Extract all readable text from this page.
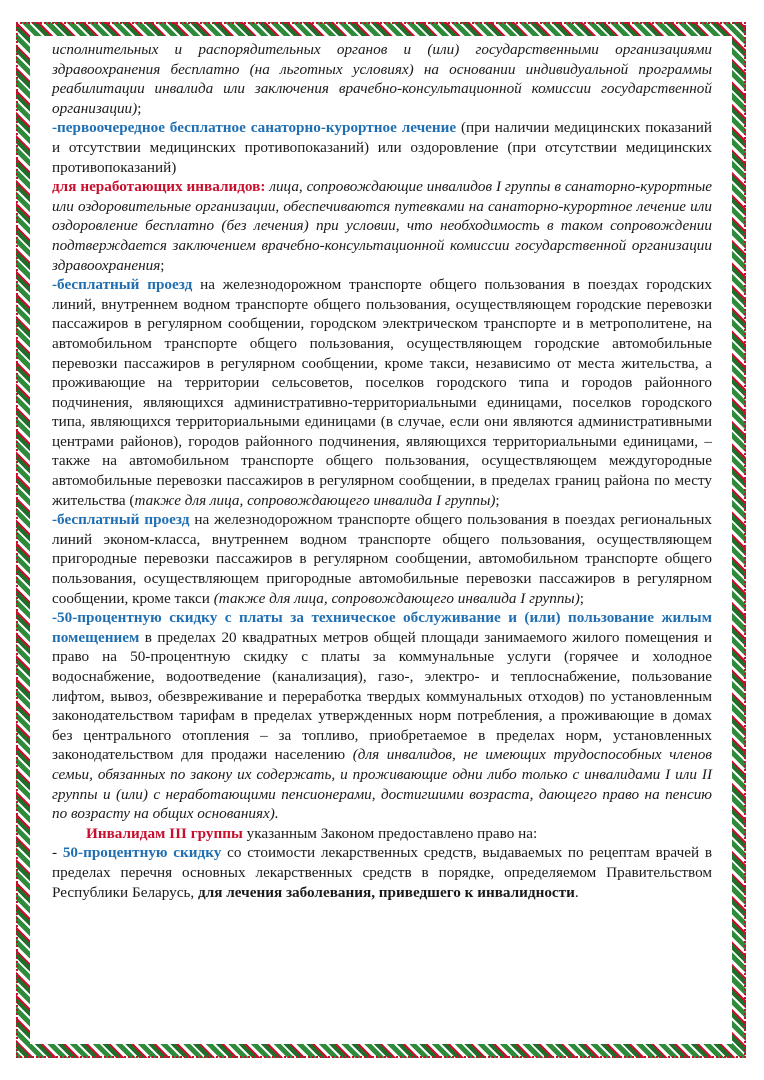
исполнительных и распорядительных органов и (или) государственными организациями здравоохранения бесплатно (на льготных условиях) на основании индивидуальной программы реабилитации инвалида или заключения врачебно-консультационной комиссии государственной организации);

-первоочередное бесплатное санаторно-курортное лечение (при наличии медицинских показаний и отсутствии медицинских противопоказаний) или оздоровление (при отсутствии медицинских противопоказаний)

для неработающих инвалидов: лица, сопровождающие инвалидов I группы в санаторно-курортные или оздоровительные организации, обеспечиваются путевками на санаторно-курортное лечение или оздоровление бесплатно (без лечения) при условии, что необходимость в таком сопровождении подтверждается заключением врачебно-консультационной комиссии государственной организации здравоохранения;

-бесплатный проезд на железнодорожном транспорте общего пользования в поездах городских линий, внутреннем водном транспорте общего пользования, осуществляющем городские перевозки пассажиров в регулярном сообщении, городском электрическом транспорте и в метрополитене, на автомобильном транспорте общего пользования, осуществляющем городские автомобильные перевозки пассажиров в регулярном сообщении, кроме такси, независимо от места жительства, а проживающие на территории сельсоветов, поселков городского типа и городов районного подчинения, являющихся административно-территориальными единицами, поселков городского типа, являющихся территориальными единицами (в случае, если они являются административными центрами районов), городов районного подчинения, являющихся территориальными единицами, – также на автомобильном транспорте общего пользования, осуществляющем междугородные автомобильные перевозки пассажиров в регулярном сообщении, в пределах границ района по месту жительства (также для лица, сопровождающего инвалида I группы);

-бесплатный проезд на железнодорожном транспорте общего пользования в поездах региональных линий эконом-класса, внутреннем водном транспорте общего пользования, осуществляющем пригородные перевозки пассажиров в регулярном сообщении, автомобильном транспорте общего пользования, осуществляющем пригородные автомобильные перевозки пассажиров в регулярном сообщении, кроме такси (также для лица, сопровождающего инвалида I группы);

-50-процентную скидку с платы за техническое обслуживание и (или) пользование жилым помещением в пределах 20 квадратных метров общей площади занимаемого жилого помещения и право на 50-процентную скидку с платы за коммунальные услуги (горячее и холодное водоснабжение, водоотведение (канализация), газо-, электро- и теплоснабжение, пользование лифтом, вывоз, обезвреживание и переработка твердых коммунальных отходов) по установленным законодательством тарифам в пределах утвержденных норм потребления, а проживающие в домах без центрального отопления – за топливо, приобретаемое в пределах норм, установленных законодательством для продажи населению (для инвалидов, не имеющих трудоспособных членов семьи, обязанных по закону их содержать, и проживающие одни либо только с инвалидами I или II группы и (или) с неработающими пенсионерами, достигшими возраста, дающего право на пенсию по возрасту на общих основаниях).

Инвалидам III группы указанным Законом предоставлено право на:

- 50-процентную скидку со стоимости лекарственных средств, выдаваемых по рецептам врачей в пределах перечня основных лекарственных средств в порядке, определяемом Правительством Республики Беларусь, для лечения заболевания, приведшего к инвалидности.
